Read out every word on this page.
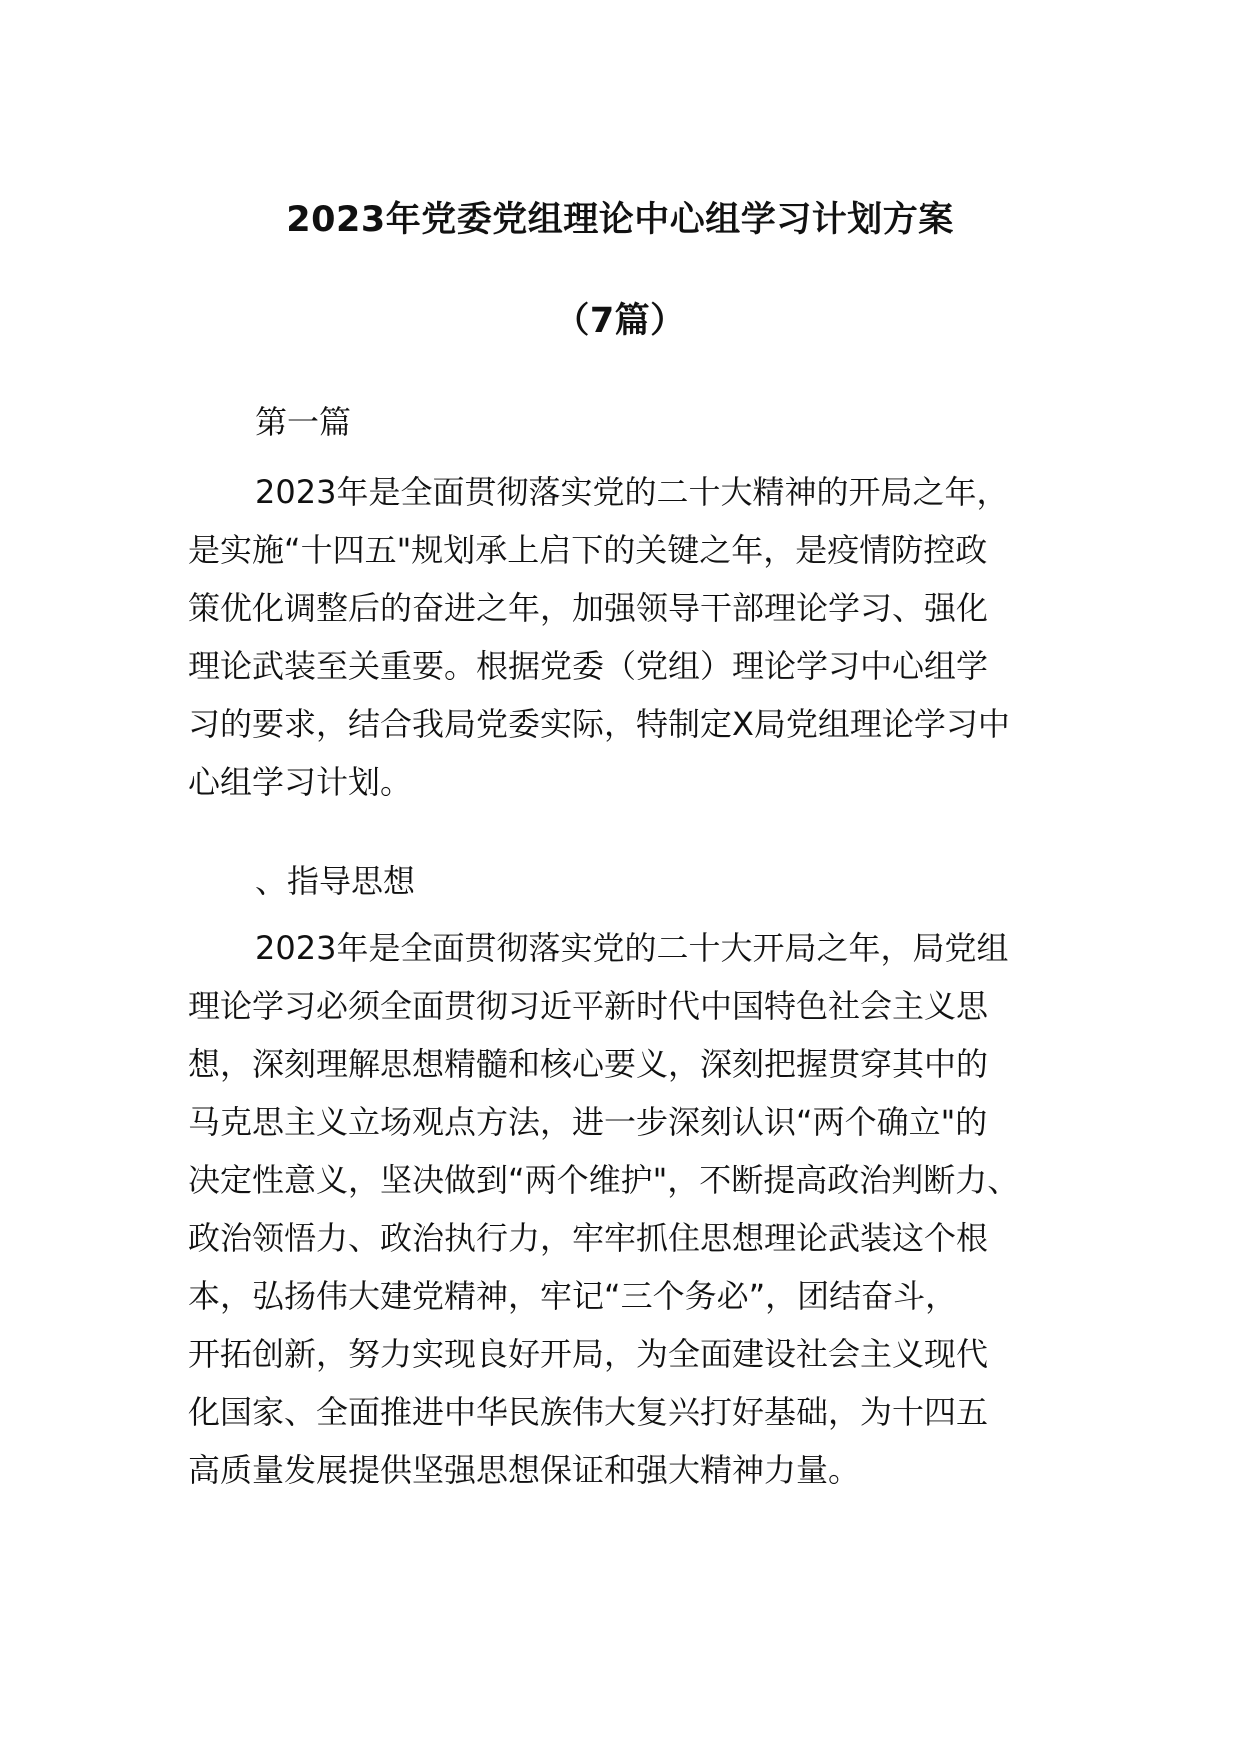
2023年党委党组理论中心组学习计划方案
（7篇）
第一篇
2023年是全面贯彻落实党的二十大精神的开局之年，
是实施“十四五"规划承上启下的关键之年，是疫情防控政
策优化调整后的奋进之年，加强领导干部理论学习、强化
理论武装至关重要。根据党委（党组）理论学习中心组学
习的要求，结合我局党委实际，特制定X局党组理论学习中
心组学习计划。
、指导思想
2023年是全面贯彻落实党的二十大开局之年，局党组
理论学习必须全面贯彻习近平新时代中国特色社会主义思
想，深刻理解思想精髓和核心要义，深刻把握贯穿其中的
马克思主义立场观点方法，进一步深刻认识“两个确立"的
决定性意义，坚决做到“两个维护"，不断提高政治判断力、
政治领悟力、政治执行力，牢牢抓住思想理论武装这个根
本，弘扬伟大建党精神，牢记“三个务必”，团结奋斗，
开拓创新，努力实现良好开局，为全面建设社会主义现代
化国家、全面推进中华民族伟大复兴打好基础，为十四五
高质量发展提供坚强思想保证和强大精神力量。
